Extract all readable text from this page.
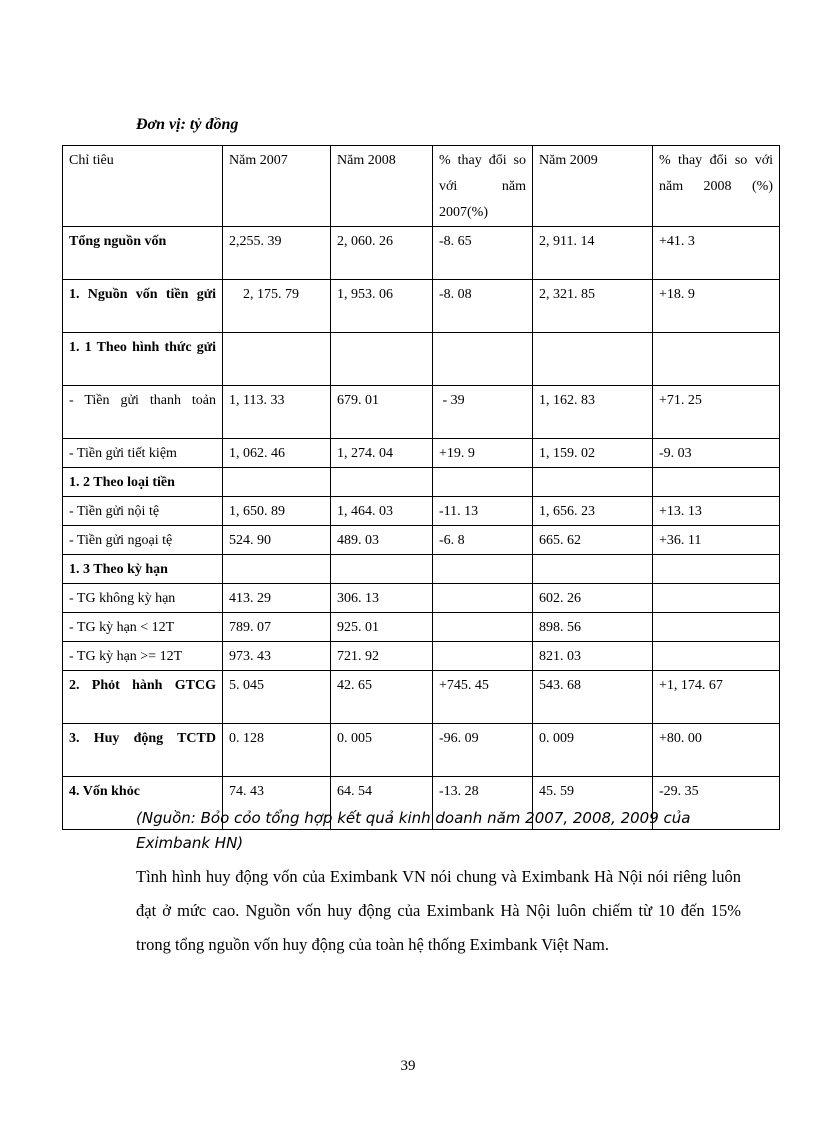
Đơn vị: tỷ đồng
Chỉ tiêu	Năm 2007	Năm 2008	% thay đổi so với năm 2007(%)	Năm 2009	% thay đổi so với năm 2008 (%)
Tổng nguồn vốn	2,255. 39	2, 060. 26	-8. 65	2, 911. 14	+41. 3
1. Nguồn vốn tiền gửi	2, 175. 79	1, 953. 06	-8. 08	2, 321. 85	+18. 9
1. 1 Theo hình thức gửi					
- Tiền gửi thanh toản	1, 113. 33	679. 01	- 39	1, 162. 83	+71. 25
- Tiền gửi tiết kiệm	1, 062. 46	1, 274. 04	+19. 9	1, 159. 02	-9. 03
1. 2 Theo loại tiền					
- Tiền gửi nội tệ	1, 650. 89	1, 464. 03	-11. 13	1, 656. 23	+13. 13
- Tiền gửi ngoại tệ	524. 90	489. 03	-6. 8	665. 62	+36. 11
1. 3 Theo kỳ hạn					
- TG không kỳ hạn	413. 29	306. 13		602. 26	
- TG kỳ hạn < 12T	789. 07	925. 01		898. 56	
- TG kỳ hạn >= 12T	973. 43	721. 92		821. 03	
2. Phỏt hành GTCG	5. 045	42. 65	+745. 45	543. 68	+1, 174. 67
3. Huy động TCTD	0. 128	0. 005	-96. 09	0. 009	+80. 00
4. Vốn khỏc	74. 43	64. 54	-13. 28	45. 59	-29. 35
(Nguồn: Bỏo cỏo tổng hợp kết quả kinh doanh năm 2007, 2008, 2009 của Eximbank HN)
Tình hình huy động vốn của Eximbank VN nói chung và Eximbank Hà Nội nói riêng luôn đạt ở mức cao. Nguồn vốn huy động của Eximbank Hà Nội luôn chiếm từ 10 đến 15% trong tổng nguồn vốn huy động của toàn hệ thống Eximbank Việt Nam.
39
